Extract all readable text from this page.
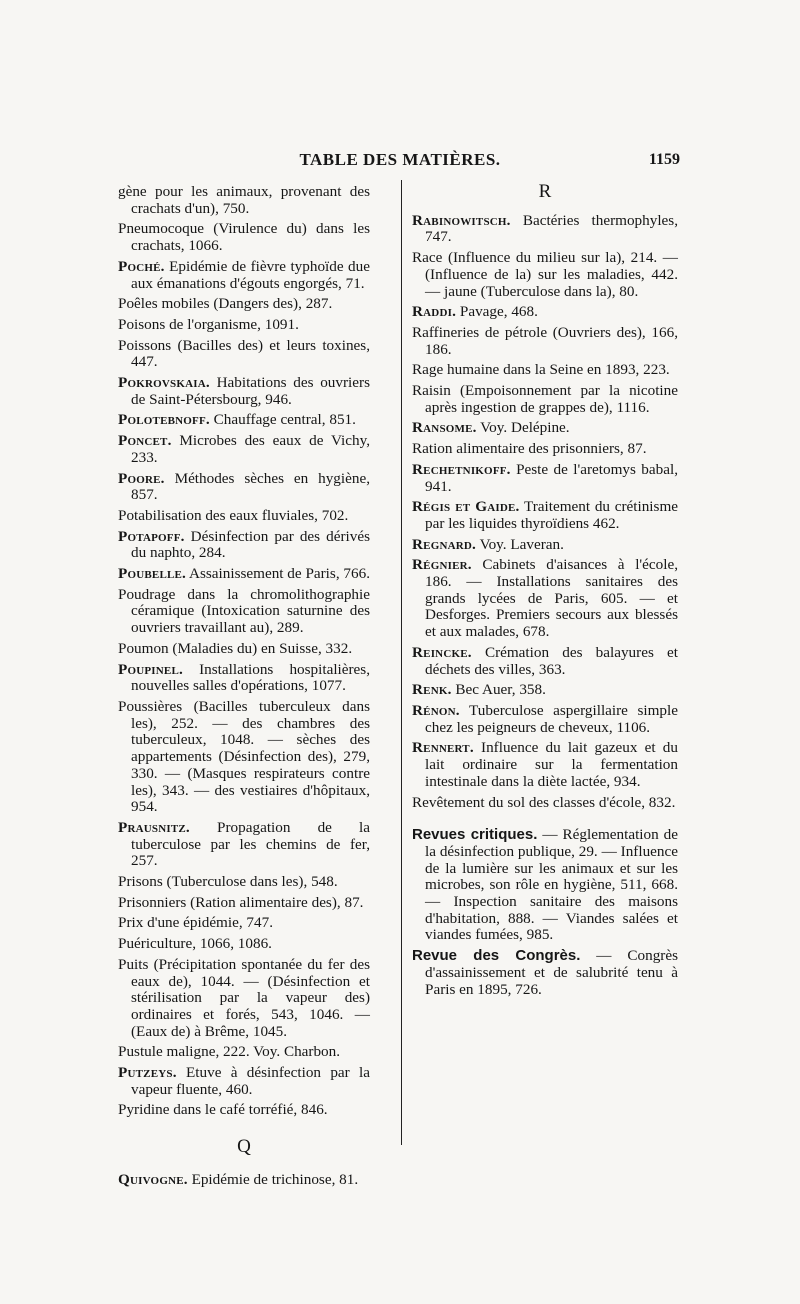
TABLE DES MATIÈRES.	1159
gène pour les animaux, provenant des crachats d'un), 750.
Pneumocoque (Virulence du) dans les crachats, 1066.
Poché. Epidémie de fièvre typhoïde due aux émanations d'égouts engorgés, 71.
Poêles mobiles (Dangers des), 287.
Poisons de l'organisme, 1091.
Poissons (Bacilles des) et leurs toxines, 447.
Pokrovskaia. Habitations des ouvriers de Saint-Pétersbourg, 946.
Polotebnoff. Chauffage central, 851.
Poncet. Microbes des eaux de Vichy, 233.
Poore. Méthodes sèches en hygiène, 857.
Potabilisation des eaux fluviales, 702.
Potapoff. Désinfection par des dérivés du naphto, 284.
Poubelle. Assainissement de Paris, 766.
Poudrage dans la chromolithographie céramique (Intoxication saturnine des ouvriers travaillant au), 289.
Poumon (Maladies du) en Suisse, 332.
Poupinel. Installations hospitalières, nouvelles salles d'opérations, 1077.
Poussières (Bacilles tuberculeux dans les), 252. — des chambres des tuberculeux, 1048. — sèches des appartements (Désinfection des), 279, 330. — (Masques respirateurs contre les), 343. — des vestiaires d'hôpitaux, 954.
Prausnitz. Propagation de la tuberculose par les chemins de fer, 257.
Prisons (Tuberculose dans les), 548.
Prisonniers (Ration alimentaire des), 87.
Prix d'une épidémie, 747.
Puériculture, 1066, 1086.
Puits (Précipitation spontanée du fer des eaux de), 1044. — (Désinfection et stérilisation par la vapeur des) ordinaires et forés, 543, 1046. — (Eaux de) à Brême, 1045.
Pustule maligne, 222. Voy. Charbon.
Putzeys. Etuve à désinfection par la vapeur fluente, 460.
Pyridine dans le café torréfié, 846.
Q
Quivogne. Epidémie de trichinose, 81.
R
Rabinowitsch. Bactéries thermophyles, 747.
Race (Influence du milieu sur la), 214. — (Influence de la) sur les maladies, 442. — jaune (Tuberculose dans la), 80.
Raddi. Pavage, 468.
Raffineries de pétrole (Ouvriers des), 166, 186.
Rage humaine dans la Seine en 1893, 223.
Raisin (Empoisonnement par la nicotine après ingestion de grappes de), 1116.
Ransome. Voy. Delépine.
Ration alimentaire des prisonniers, 87.
Rechetnikoff. Peste de l'aretomys babal, 941.
Régis et Gaide. Traitement du crétinisme par les liquides thyroïdiens 462.
Regnard. Voy. Laveran.
Régnier. Cabinets d'aisances à l'école, 186. — Installations sanitaires des grands lycées de Paris, 605. — et Desforges. Premiers secours aux blessés et aux malades, 678.
Reincke. Crémation des balayures et déchets des villes, 363.
Renk. Bec Auer, 358.
Rénon. Tuberculose aspergillaire simple chez les peigneurs de cheveux, 1106.
Rennert. Influence du lait gazeux et du lait ordinaire sur la fermentation intestinale dans la diète lactée, 934.
Revêtement du sol des classes d'école, 832.
Revues critiques. — Réglementation de la désinfection publique, 29. — Influence de la lumière sur les animaux et sur les microbes, son rôle en hygiène, 511, 668. — Inspection sanitaire des maisons d'habitation, 888. — Viandes salées et viandes fumées, 985.
Revue des Congrès. — Congrès d'assainissement et de salubrité tenu à Paris en 1895, 726.
